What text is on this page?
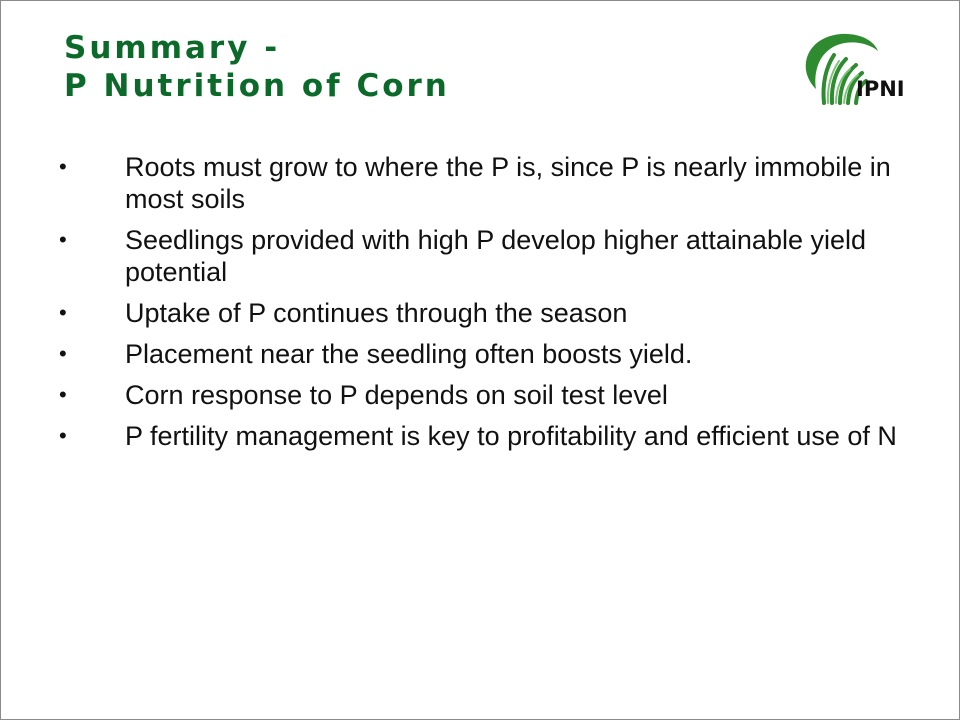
Summary -
P Nutrition of Corn	IPNI
• Roots must grow to where the P is, since P is nearly immobile in most soils
• Seedlings provided with high P develop higher attainable yield potential
• Uptake of P continues through the season
• Placement near the seedling often boosts yield.
• Corn response to P depends on soil test level
• P fertility management is key to profitability and efficient use of N
